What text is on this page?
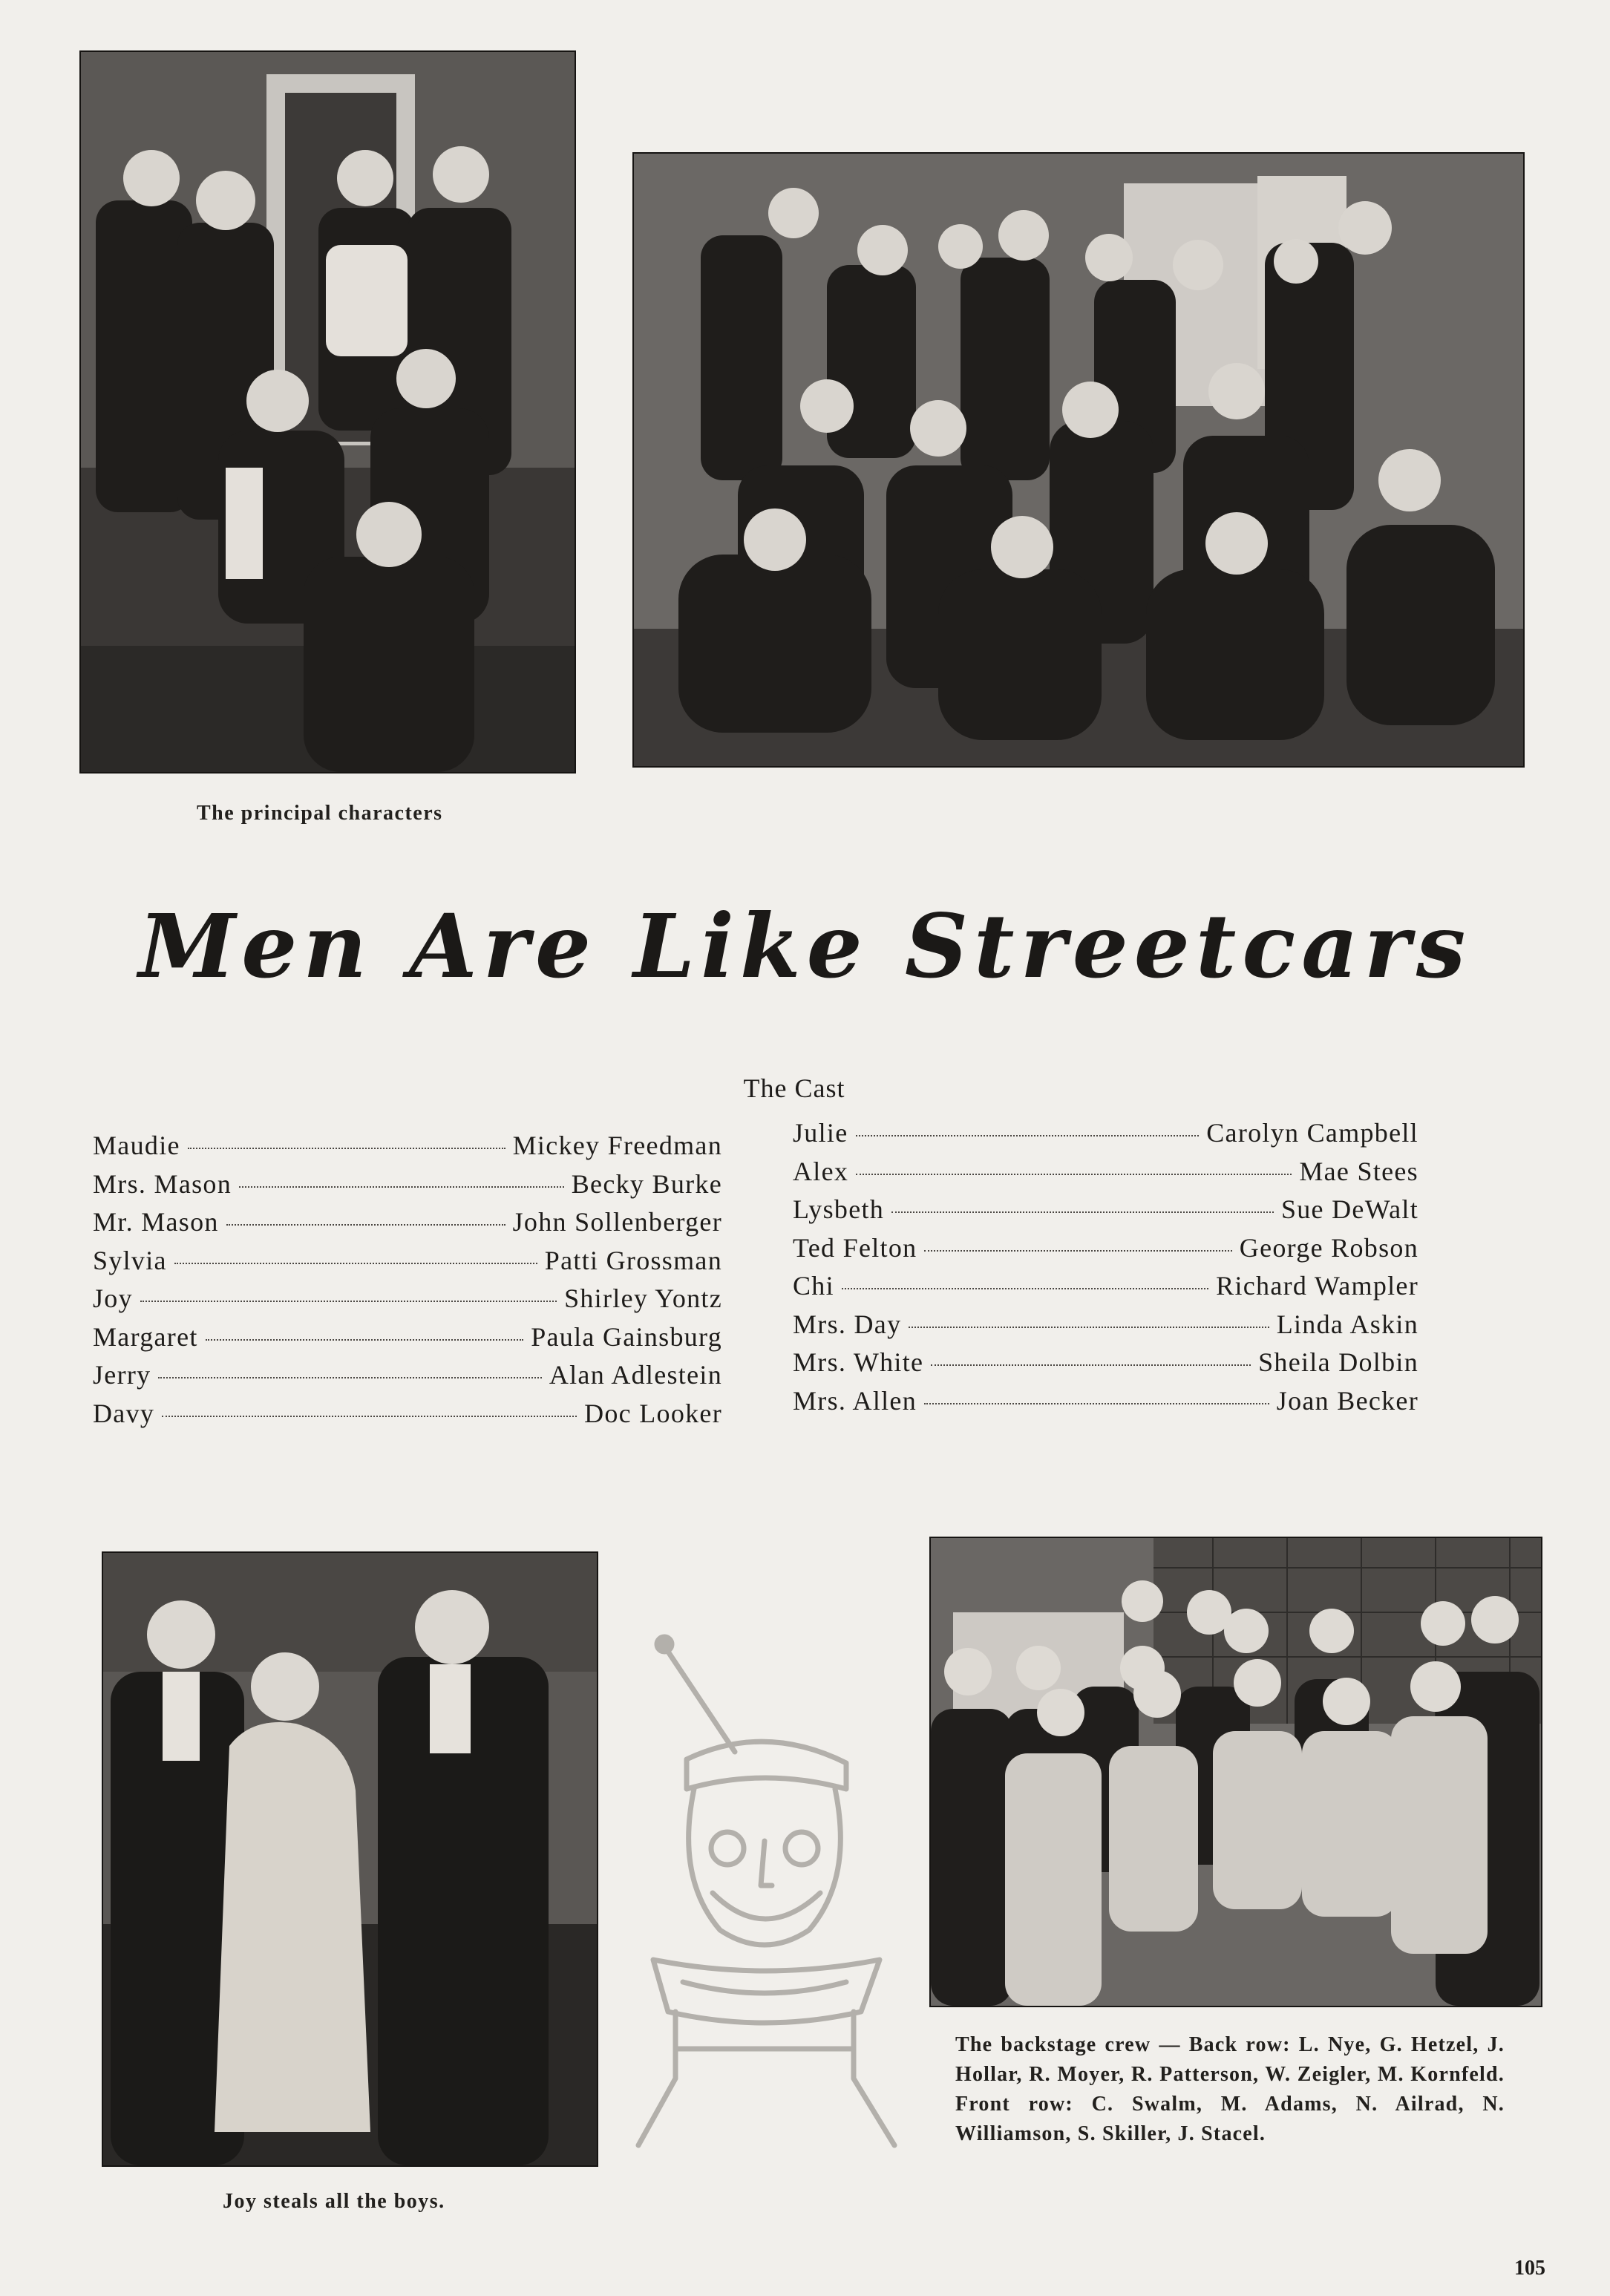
The principal characters
Men Are Like Streetcars
The Cast
Maudie	Mickey Freedman
Mrs. Mason	Becky Burke
Mr. Mason	John Sollenberger
Sylvia	Patti Grossman
Joy	Shirley Yontz
Margaret	Paula Gainsburg
Jerry	Alan Adlestein
Davy	Doc Looker
Julie	Carolyn Campbell
Alex	Mae Stees
Lysbeth	Sue DeWalt
Ted Felton	George Robson
Chi	Richard Wampler
Mrs. Day	Linda Askin
Mrs. White	Sheila Dolbin
Mrs. Allen	Joan Becker
Joy steals all the boys.
The backstage crew — Back row: L. Nye, G. Hetzel, J. Hollar, R. Moyer, R. Patterson, W. Zeigler, M. Kornfeld. Front row: C. Swalm, M. Adams, N. Ailrad, N. Williamson, S. Skiller, J. Stacel.
105
